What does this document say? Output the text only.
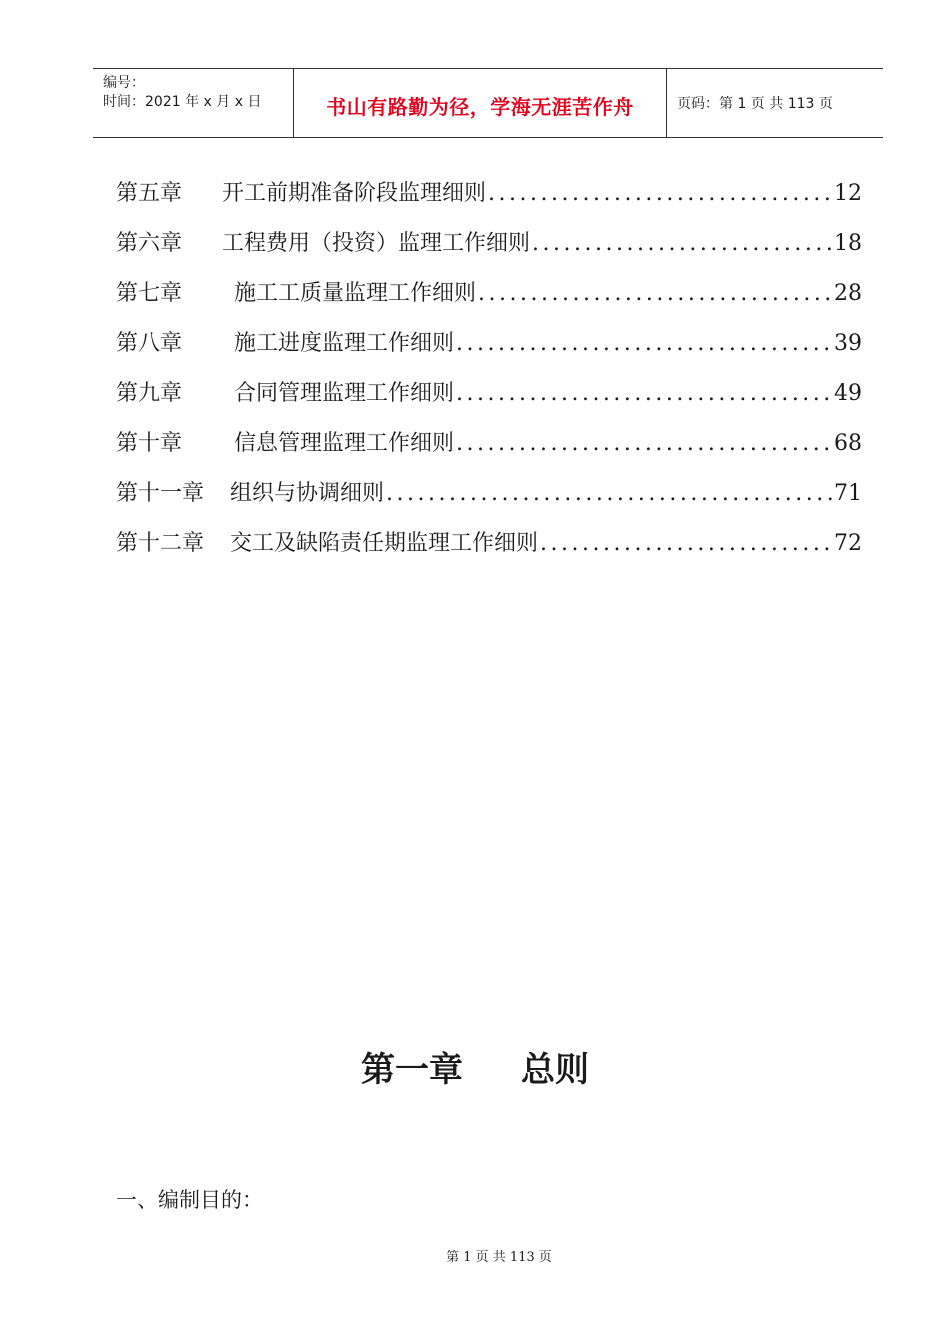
编号：
时间：2021 年 x 月 x 日	书山有路勤为径，学海无涯苦作舟	页码：第 1 页 共 113 页
第五章 开工前期准备阶段监理细则 .....	12
第六章 工程费用（投资）监理工作细则 .....	18
第七章 施工工质量监理工作细则 .....	28
第八章 施工进度监理工作细则 .....	39
第九章 合同管理监理工作细则 .....	49
第十章 信息管理监理工作细则 .....	68
第十一章 组织与协调细则 .....	71
第十二章 交工及缺陷责任期监理工作细则 .....	72
第一章 总则
一、编制目的：
第 1 页 共 113 页
